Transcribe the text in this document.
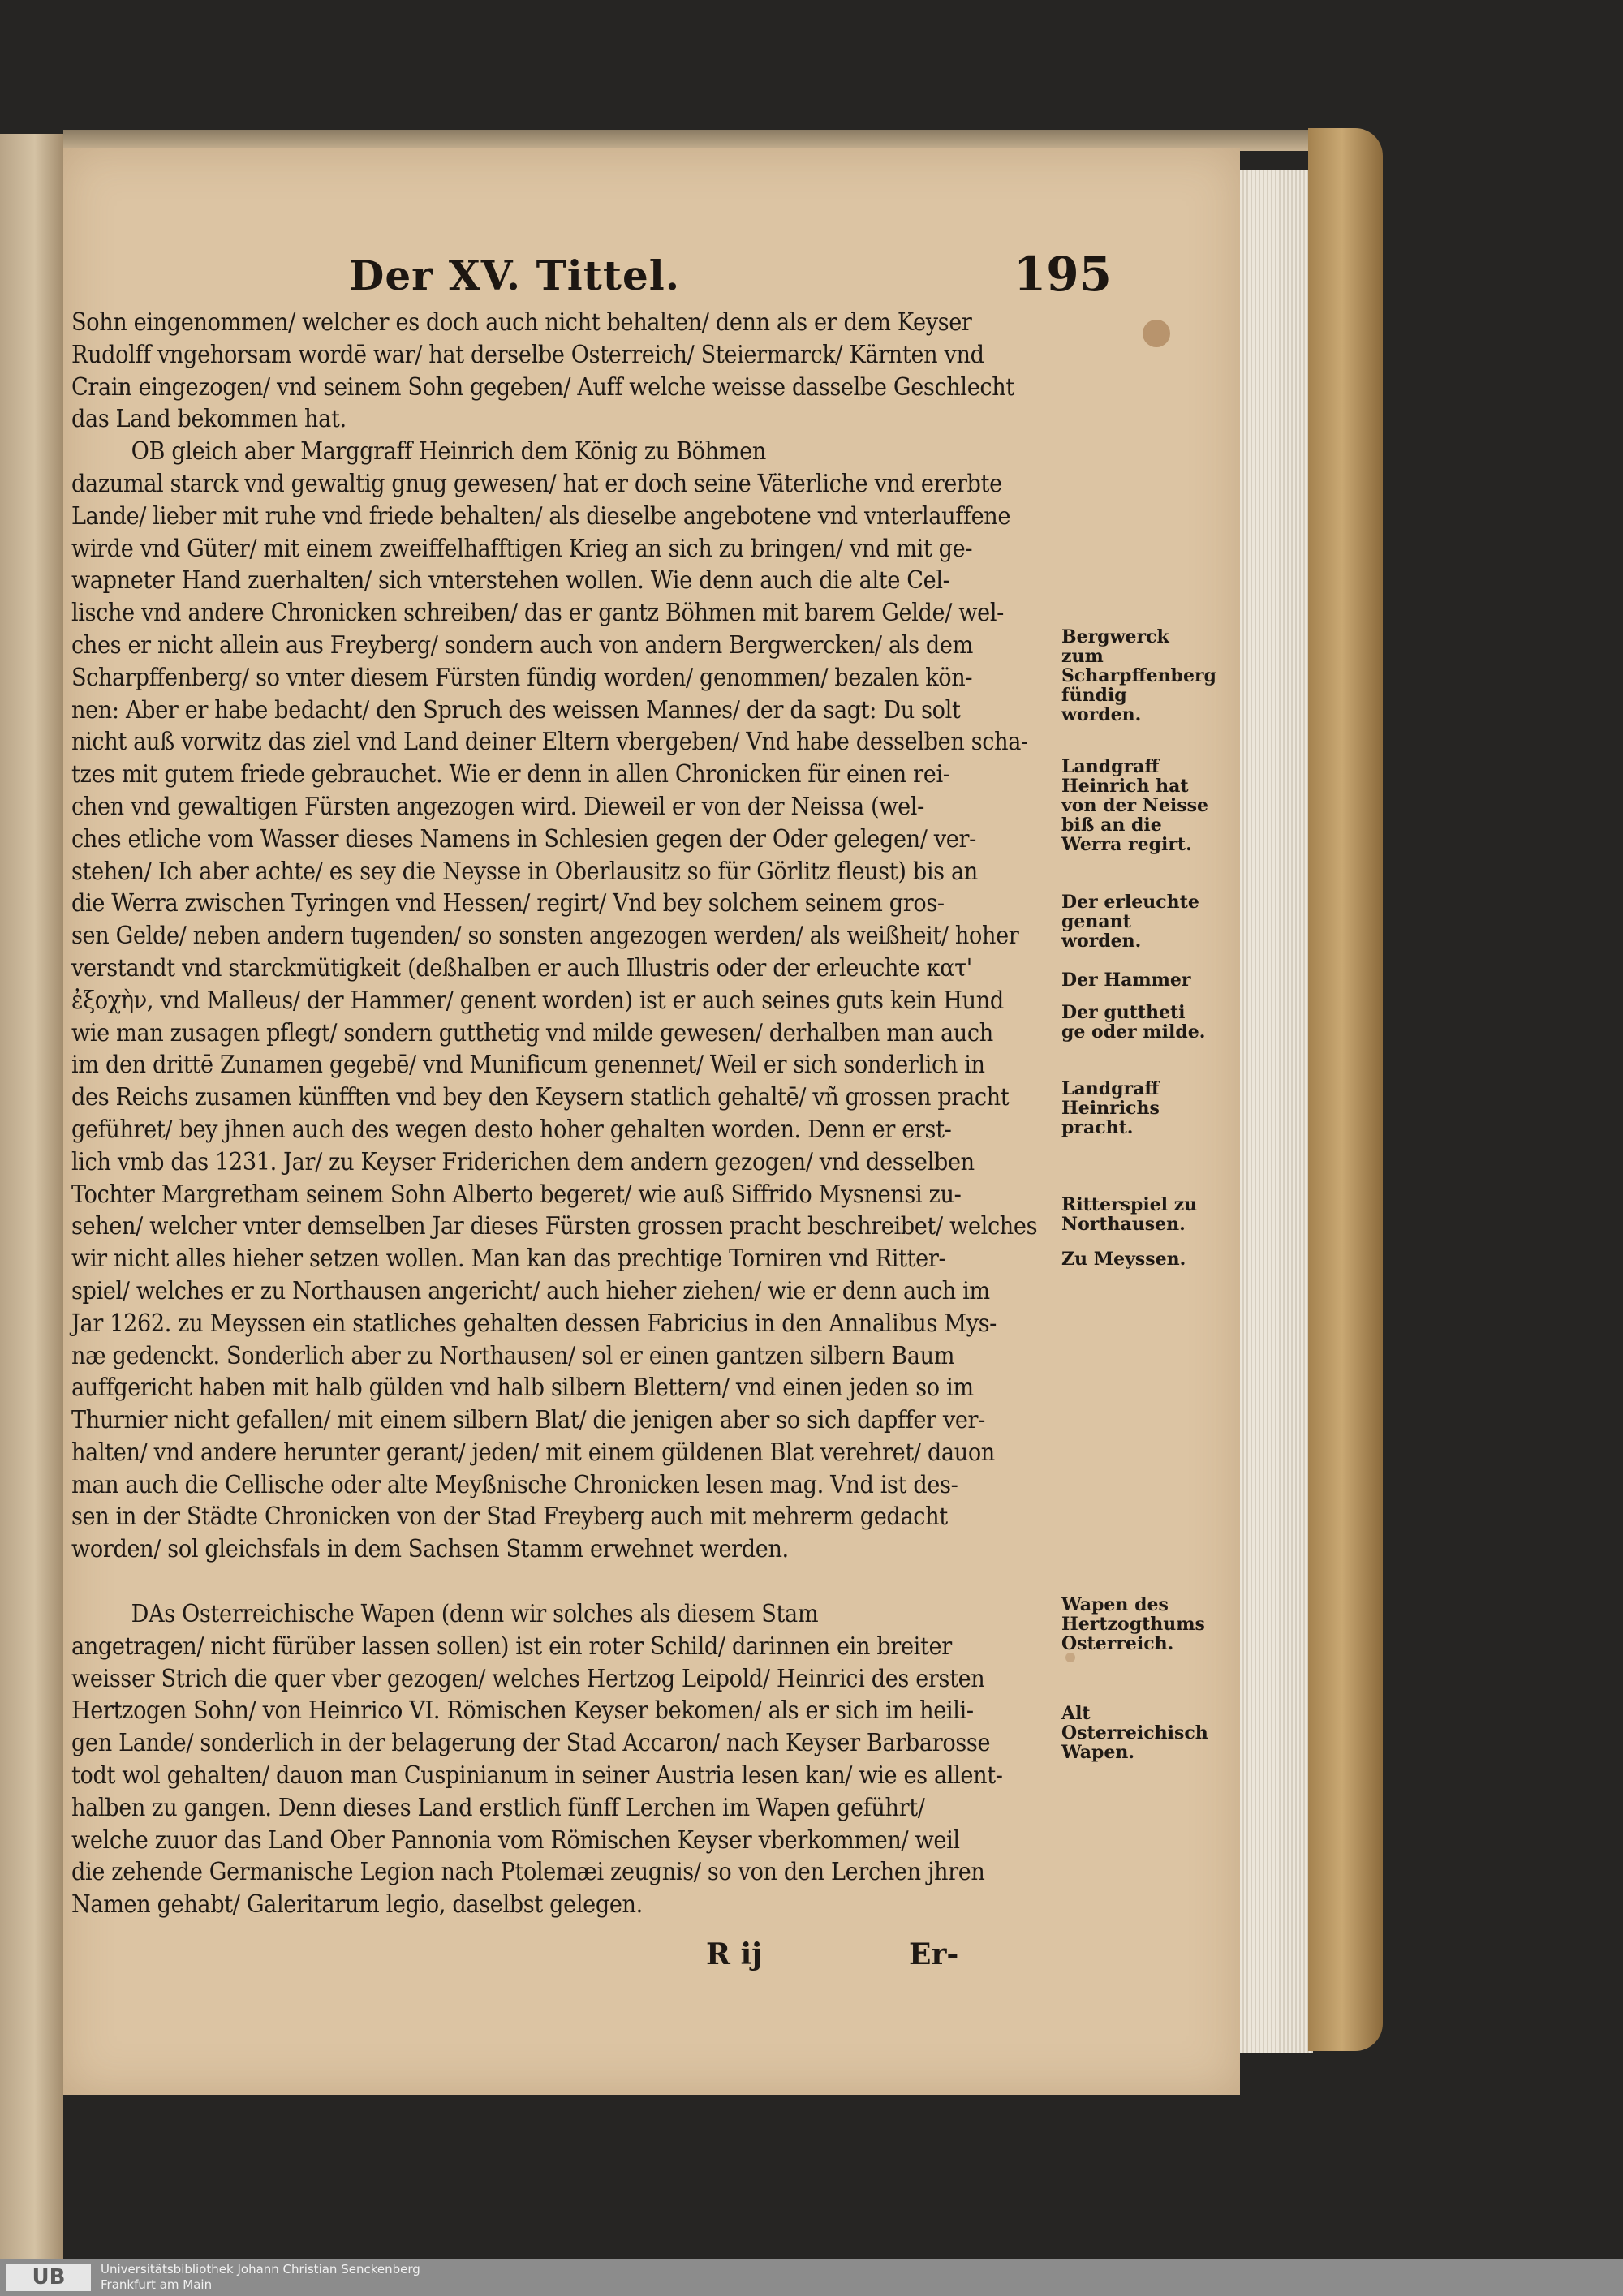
Der XV. Tittel.	195
Sohn eingenommen/ welcher es doch auch nicht behalten/ denn als er dem Keyser
Rudolff vngehorsam wordē war/ hat derselbe Osterreich/ Steiermarck/ Kärnten vnd
Crain eingezogen/ vnd seinem Sohn gegeben/ Auff welche weisse dasselbe Geschlecht
das Land bekommen hat.
OB gleich aber Marggraff Heinrich dem König zu Böhmen
dazumal starck vnd gewaltig gnug gewesen/ hat er doch seine Väterliche vnd ererbte
Lande/ lieber mit ruhe vnd friede behalten/ als dieselbe angebotene vnd vnterlauffene
wirde vnd Güter/ mit einem zweiffelhafftigen Krieg an sich zu bringen/ vnd mit ge-
wapneter Hand zuerhalten/ sich vnterstehen wollen. Wie denn auch die alte Cel-
lische vnd andere Chronicken schreiben/ das er gantz Böhmen mit barem Gelde/ wel-
ches er nicht allein aus Freyberg/ sondern auch von andern Bergwercken/ als dem
Scharpffenberg/ so vnter diesem Fürsten fündig worden/ genommen/ bezalen kön-
nen: Aber er habe bedacht/ den Spruch des weissen Mannes/ der da sagt: Du solt
nicht auß vorwitz das ziel vnd Land deiner Eltern vbergeben/ Vnd habe desselben scha-
tzes mit gutem friede gebrauchet. Wie er denn in allen Chronicken für einen rei-
chen vnd gewaltigen Fürsten angezogen wird. Dieweil er von der Neissa (wel-
ches etliche vom Wasser dieses Namens in Schlesien gegen der Oder gelegen/ ver-
stehen/ Ich aber achte/ es sey die Neysse in Oberlausitz so für Görlitz fleust) bis an
die Werra zwischen Tyringen vnd Hessen/ regirt/ Vnd bey solchem seinem gros-
sen Gelde/ neben andern tugenden/ so sonsten angezogen werden/ als weißheit/ hoher
verstandt vnd starckmütigkeit (deßhalben er auch Illustris oder der erleuchte κατ'
ἐξοχὴν, vnd Malleus/ der Hammer/ genent worden) ist er auch seines guts kein Hund
wie man zusagen pflegt/ sondern gutthetig vnd milde gewesen/ derhalben man auch
im den drittē Zunamen gegebē/ vnd Munificum genennet/ Weil er sich sonderlich in
des Reichs zusamen künfften vnd bey den Keysern statlich gehaltē/ vñ grossen pracht
geführet/ bey jhnen auch des wegen desto hoher gehalten worden. Denn er erst-
lich vmb das 1231. Jar/ zu Keyser Friderichen dem andern gezogen/ vnd desselben
Tochter Margretham seinem Sohn Alberto begeret/ wie auß Siffrido Mysnensi zu-
sehen/ welcher vnter demselben Jar dieses Fürsten grossen pracht beschreibet/ welches
wir nicht alles hieher setzen wollen. Man kan das prechtige Torniren vnd Ritter-
spiel/ welches er zu Northausen angericht/ auch hieher ziehen/ wie er denn auch im
Jar 1262. zu Meyssen ein statliches gehalten dessen Fabricius in den Annalibus Mys-
næ gedenckt. Sonderlich aber zu Northausen/ sol er einen gantzen silbern Baum
auffgericht haben mit halb gülden vnd halb silbern Blettern/ vnd einen jeden so im
Thurnier nicht gefallen/ mit einem silbern Blat/ die jenigen aber so sich dapffer ver-
halten/ vnd andere herunter gerant/ jeden/ mit einem güldenen Blat verehret/ dauon
man auch die Cellische oder alte Meyßnische Chronicken lesen mag. Vnd ist des-
sen in der Städte Chronicken von der Stad Freyberg auch mit mehrerm gedacht
worden/ sol gleichsfals in dem Sachsen Stamm erwehnet werden.
DAs Osterreichische Wapen (denn wir solches als diesem Stam
angetragen/ nicht fürüber lassen sollen) ist ein roter Schild/ darinnen ein breiter
weisser Strich die quer vber gezogen/ welches Hertzog Leipold/ Heinrici des ersten
Hertzogen Sohn/ von Heinrico VI. Römischen Keyser bekomen/ als er sich im heili-
gen Lande/ sonderlich in der belagerung der Stad Accaron/ nach Keyser Barbarosse
todt wol gehalten/ dauon man Cuspinianum in seiner Austria lesen kan/ wie es allent-
halben zu gangen. Denn dieses Land erstlich fünff Lerchen im Wapen geführt/
welche zuuor das Land Ober Pannonia vom Römischen Keyser vberkommen/ weil
die zehende Germanische Legion nach Ptolemæi zeugnis/ so von den Lerchen jhren
Namen gehabt/ Galeritarum legio, daselbst gelegen.
Bergwerck zum Scharpffenberg fündig worden.
Landgraff Heinrich hat von der Neisse biß an die Werra regirt.
Der erleuchte genant worden.
Der Hammer
Der guttheti ge oder milde.
Landgraff Heinrichs pracht.
Ritterspiel zu Northausen.
Zu Meyssen.
Wapen des Hertzogthums Osterreich.
Alt Osterreichisch Wapen.
R ij	Er-
UB	Universitätsbibliothek Johann Christian Senckenberg
Frankfurt am Main
